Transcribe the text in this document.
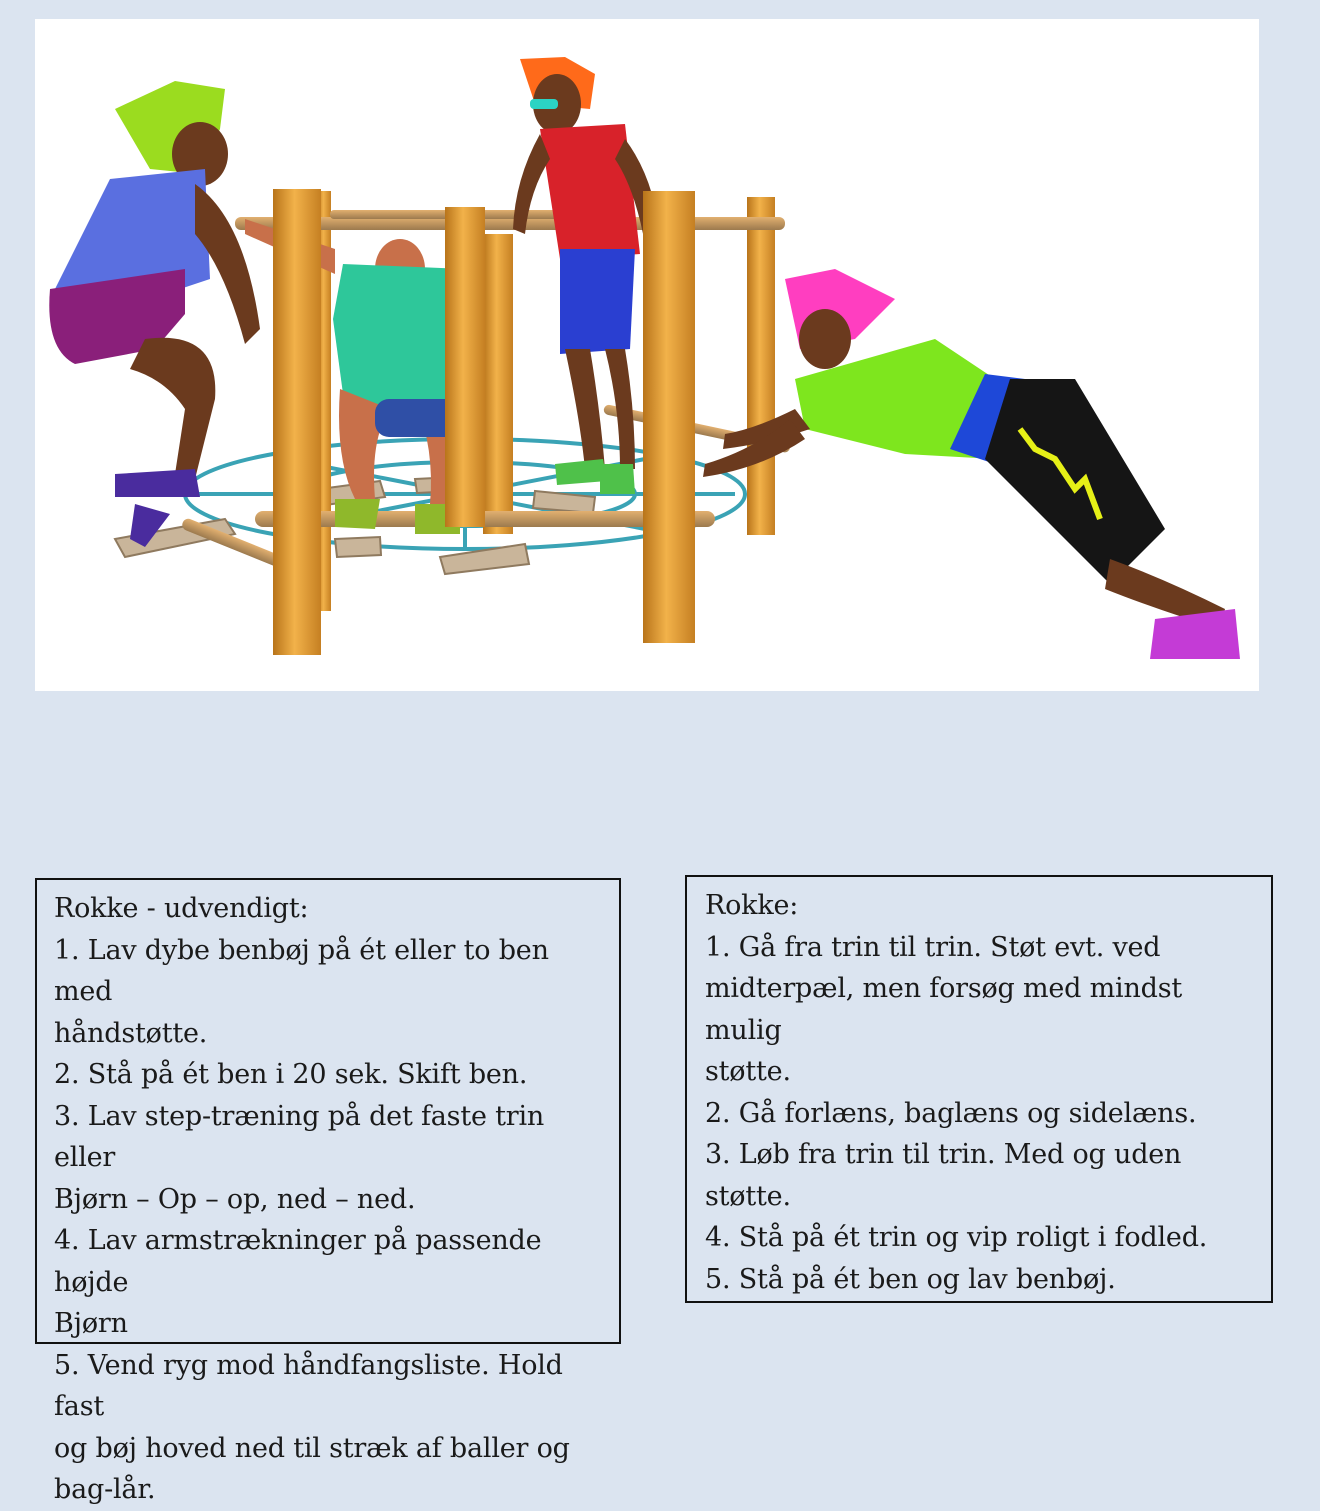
Rokke - udvendigt:

1. Lav dybe benbøj på ét eller to ben med

håndstøtte.

2. Stå på ét ben i 20 sek. Skift ben.

3. Lav step-træning på det faste trin eller

Bjørn – Op – op, ned – ned.

4. Lav armstrækninger på passende højde

Bjørn

5. Vend ryg mod håndfangsliste. Hold fast

og bøj hoved ned til stræk af baller og

bag-lår.

Rokke:

1. Gå fra trin til trin. Støt evt. ved

midterpæl, men forsøg med mindst mulig

støtte.

2. Gå forlæns, baglæns og sidelæns.

3. Løb fra trin til trin. Med og uden støtte.

4. Stå på ét trin og vip roligt i fodled.

5. Stå på ét ben og lav benbøj.
